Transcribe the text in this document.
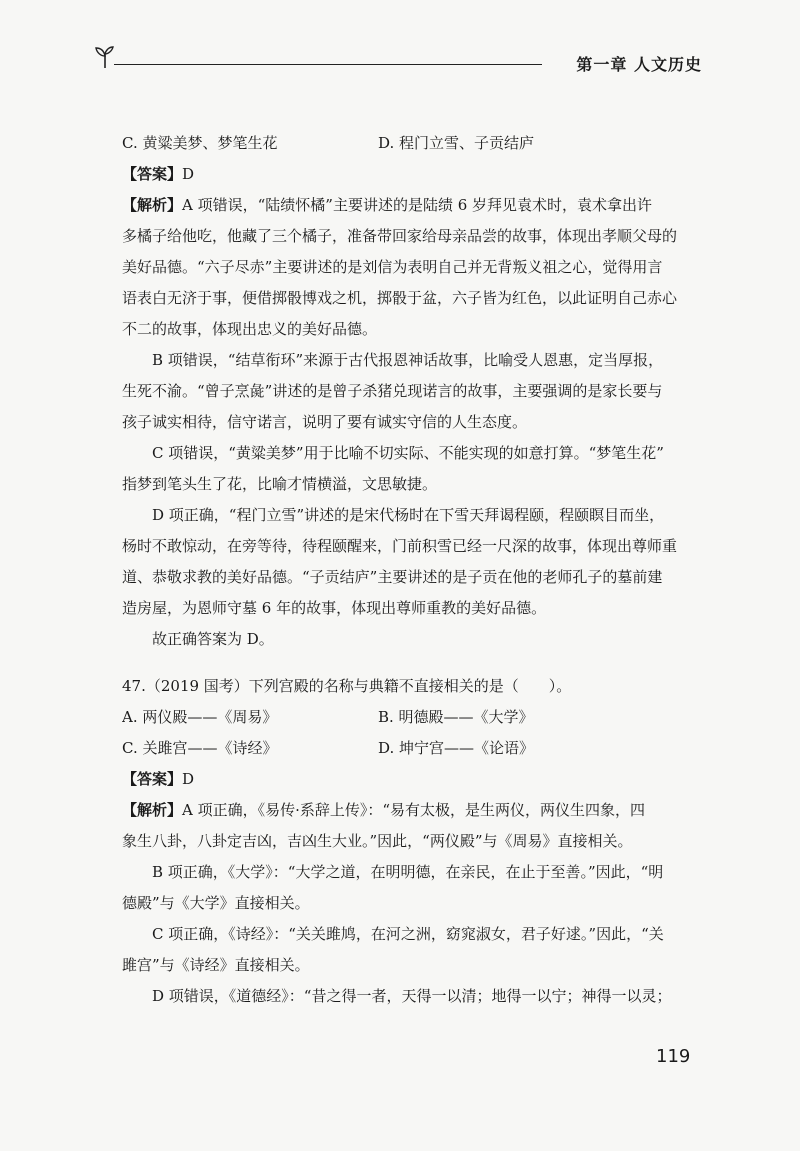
第一章 人文历史
C. 黄粱美梦、梦笔生花	D. 程门立雪、子贡结庐
【答案】D
【解析】A 项错误，“陆绩怀橘”主要讲述的是陆绩 6 岁拜见袁术时，袁术拿出许
多橘子给他吃，他藏了三个橘子，准备带回家给母亲品尝的故事，体现出孝顺父母的
美好品德。“六子尽赤”主要讲述的是刘信为表明自己并无背叛义祖之心，觉得用言
语表白无济于事，便借掷骰博戏之机，掷骰于盆，六子皆为红色，以此证明自己赤心
不二的故事，体现出忠义的美好品德。
B 项错误，“结草衔环”来源于古代报恩神话故事，比喻受人恩惠，定当厚报，
生死不渝。“曾子烹彘”讲述的是曾子杀猪兑现诺言的故事，主要强调的是家长要与
孩子诚实相待，信守诺言，说明了要有诚实守信的人生态度。
C 项错误，“黄粱美梦”用于比喻不切实际、不能实现的如意打算。“梦笔生花”
指梦到笔头生了花，比喻才情横溢，文思敏捷。
D 项正确，“程门立雪”讲述的是宋代杨时在下雪天拜谒程颐，程颐瞑目而坐，
杨时不敢惊动，在旁等待，待程颐醒来，门前积雪已经一尺深的故事，体现出尊师重
道、恭敬求教的美好品德。“子贡结庐”主要讲述的是子贡在他的老师孔子的墓前建
造房屋，为恩师守墓 6 年的故事，体现出尊师重教的美好品德。
故正确答案为 D。
47.（2019 国考）下列宫殿的名称与典籍不直接相关的是（　　）。
A. 两仪殿——《周易》	B. 明德殿——《大学》
C. 关雎宫——《诗经》	D. 坤宁宫——《论语》
【答案】D
【解析】A 项正确，《易传·系辞上传》：“易有太极，是生两仪，两仪生四象，四
象生八卦，八卦定吉凶，吉凶生大业。”因此，“两仪殿”与《周易》直接相关。
B 项正确，《大学》：“大学之道，在明明德，在亲民，在止于至善。”因此，“明
德殿”与《大学》直接相关。
C 项正确，《诗经》：“关关雎鸠，在河之洲，窈窕淑女，君子好逑。”因此，“关
雎宫”与《诗经》直接相关。
D 项错误，《道德经》：“昔之得一者，天得一以清；地得一以宁；神得一以灵；
119
